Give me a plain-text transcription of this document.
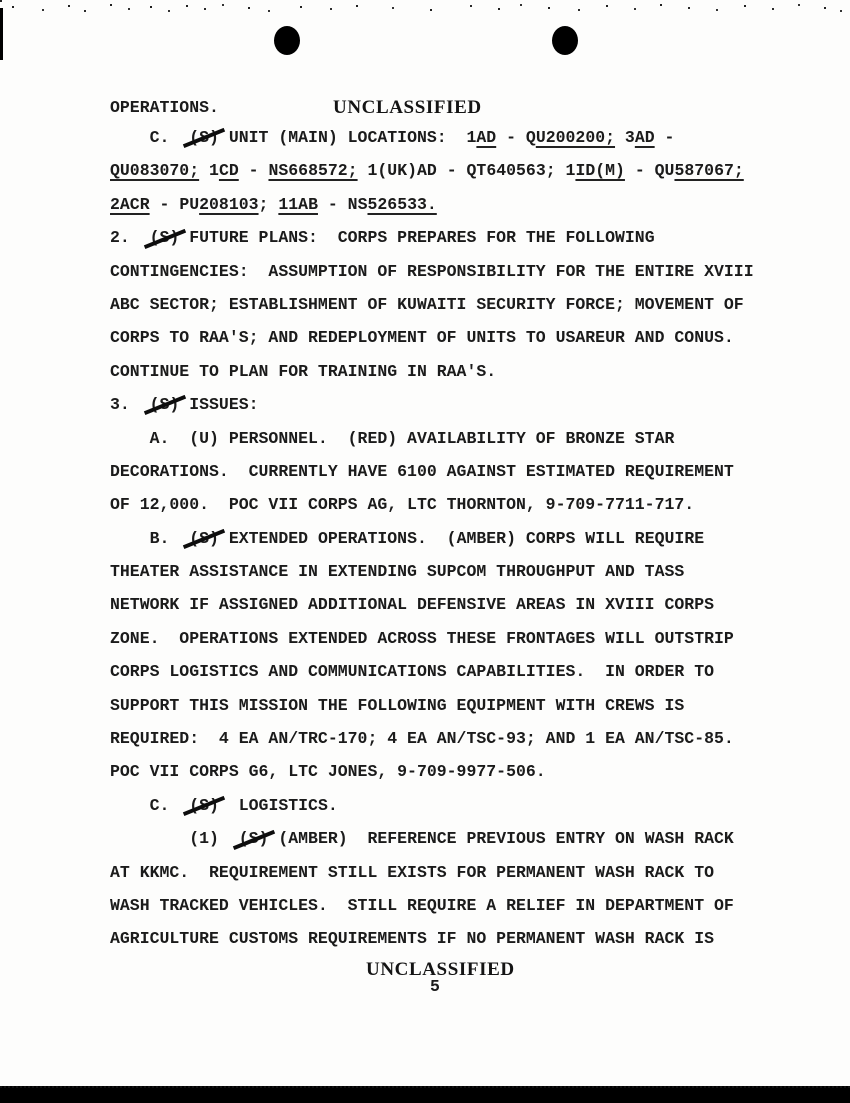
OPERATIONS.	UNCLASSIFIED
C.  (S) UNIT (MAIN) LOCATIONS:  1AD - QU200200; 3AD -
QU083070; 1CD - NS668572; 1(UK)AD - QT640563; 1ID(M) - QU587067;
2ACR - PU208103; 11AB - NS526533.
2.  (S) FUTURE PLANS:  CORPS PREPARES FOR THE FOLLOWING
CONTINGENCIES:  ASSUMPTION OF RESPONSIBILITY FOR THE ENTIRE XVIII
ABC SECTOR; ESTABLISHMENT OF KUWAITI SECURITY FORCE; MOVEMENT OF
CORPS TO RAA'S; AND REDEPLOYMENT OF UNITS TO USAREUR AND CONUS.
CONTINUE TO PLAN FOR TRAINING IN RAA'S.
3.  (S) ISSUES:
A.  (U) PERSONNEL.  (RED) AVAILABILITY OF BRONZE STAR
DECORATIONS.  CURRENTLY HAVE 6100 AGAINST ESTIMATED REQUIREMENT
OF 12,000.  POC VII CORPS AG, LTC THORNTON, 9-709-7711-717.
B.  (S) EXTENDED OPERATIONS.  (AMBER) CORPS WILL REQUIRE
THEATER ASSISTANCE IN EXTENDING SUPCOM THROUGHPUT AND TASS
NETWORK IF ASSIGNED ADDITIONAL DEFENSIVE AREAS IN XVIII CORPS
ZONE.  OPERATIONS EXTENDED ACROSS THESE FRONTAGES WILL OUTSTRIP
CORPS LOGISTICS AND COMMUNICATIONS CAPABILITIES.  IN ORDER TO
SUPPORT THIS MISSION THE FOLLOWING EQUIPMENT WITH CREWS IS
REQUIRED:  4 EA AN/TRC-170; 4 EA AN/TSC-93; AND 1 EA AN/TSC-85.
POC VII CORPS G6, LTC JONES, 9-709-9977-506.
C.  (S)  LOGISTICS.
(1)  (S) (AMBER)  REFERENCE PREVIOUS ENTRY ON WASH RACK
AT KKMC.  REQUIREMENT STILL EXISTS FOR PERMANENT WASH RACK TO
WASH TRACKED VEHICLES.  STILL REQUIRE A RELIEF IN DEPARTMENT OF
AGRICULTURE CUSTOMS REQUIREMENTS IF NO PERMANENT WASH RACK IS
UNCLASSIFIED
5
